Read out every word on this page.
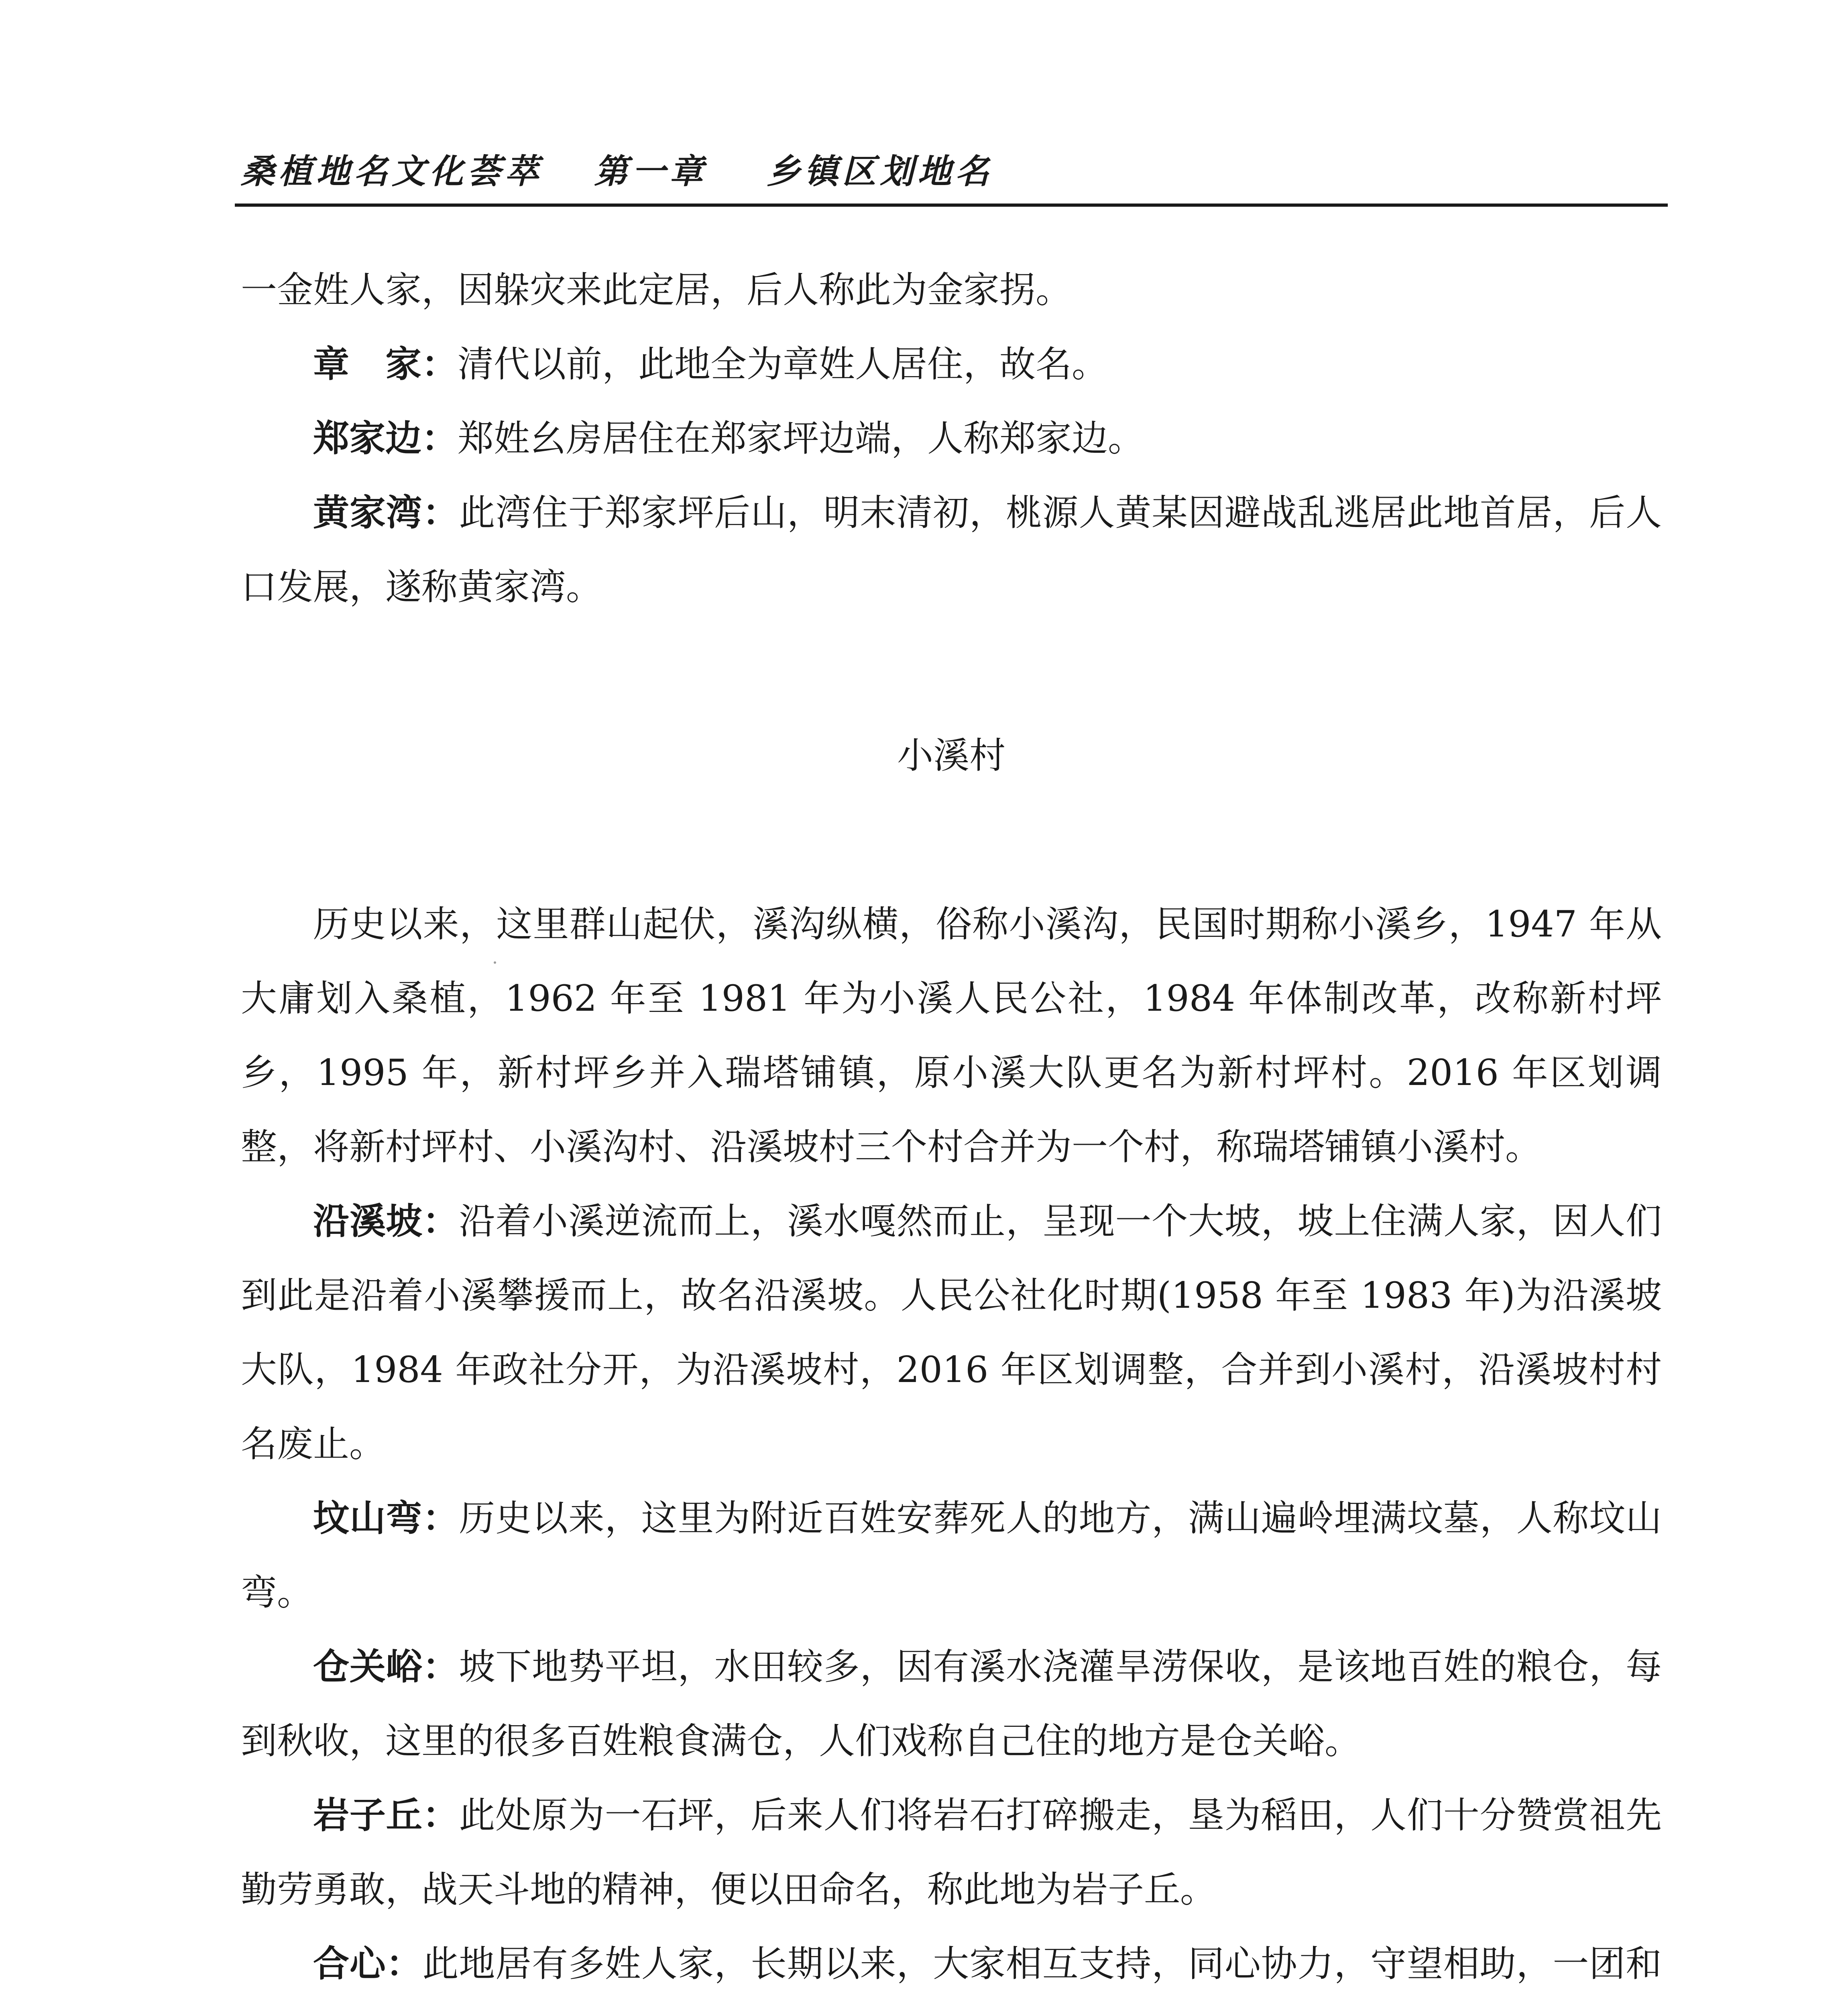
桑植地名文化荟萃 第一章 乡镇区划地名

一金姓人家，因躲灾来此定居，后人称此为金家拐。

章　家：清代以前，此地全为章姓人居住，故名。

郑家边：郑姓幺房居住在郑家坪边端，人称郑家边。

黄家湾：此湾住于郑家坪后山，明末清初，桃源人黄某因避战乱逃居此地首居，后人口发展，遂称黄家湾。

小溪村

历史以来，这里群山起伏，溪沟纵横，俗称小溪沟，民国时期称小溪乡，1947 年从大庸划入桑植，1962 年至 1981 年为小溪人民公社，1984 年体制改革，改称新村坪乡，1995 年，新村坪乡并入瑞塔铺镇，原小溪大队更名为新村坪村。2016 年区划调整，将新村坪村、小溪沟村、沿溪坡村三个村合并为一个村，称瑞塔铺镇小溪村。

沿溪坡：沿着小溪逆流而上，溪水嘎然而止，呈现一个大坡，坡上住满人家，因人们到此是沿着小溪攀援而上，故名沿溪坡。人民公社化时期(1958 年至 1983 年)为沿溪坡大队，1984 年政社分开，为沿溪坡村，2016 年区划调整，合并到小溪村，沿溪坡村村名废止。

坟山弯：历史以来，这里为附近百姓安葬死人的地方，满山遍岭埋满坟墓，人称坟山弯。

仓关峪：坡下地势平坦，水田较多，因有溪水浇灌旱涝保收，是该地百姓的粮仓，每到秋收，这里的很多百姓粮食满仓，人们戏称自己住的地方是仓关峪。

岩子丘：此处原为一石坪，后来人们将岩石打碎搬走，垦为稻田，人们十分赞赏祖先勤劳勇敢，战天斗地的精神，便以田命名，称此地为岩子丘。

合心：此地居有多姓人家，长期以来，大家相互支持，同心协力，守望相助，一团和
